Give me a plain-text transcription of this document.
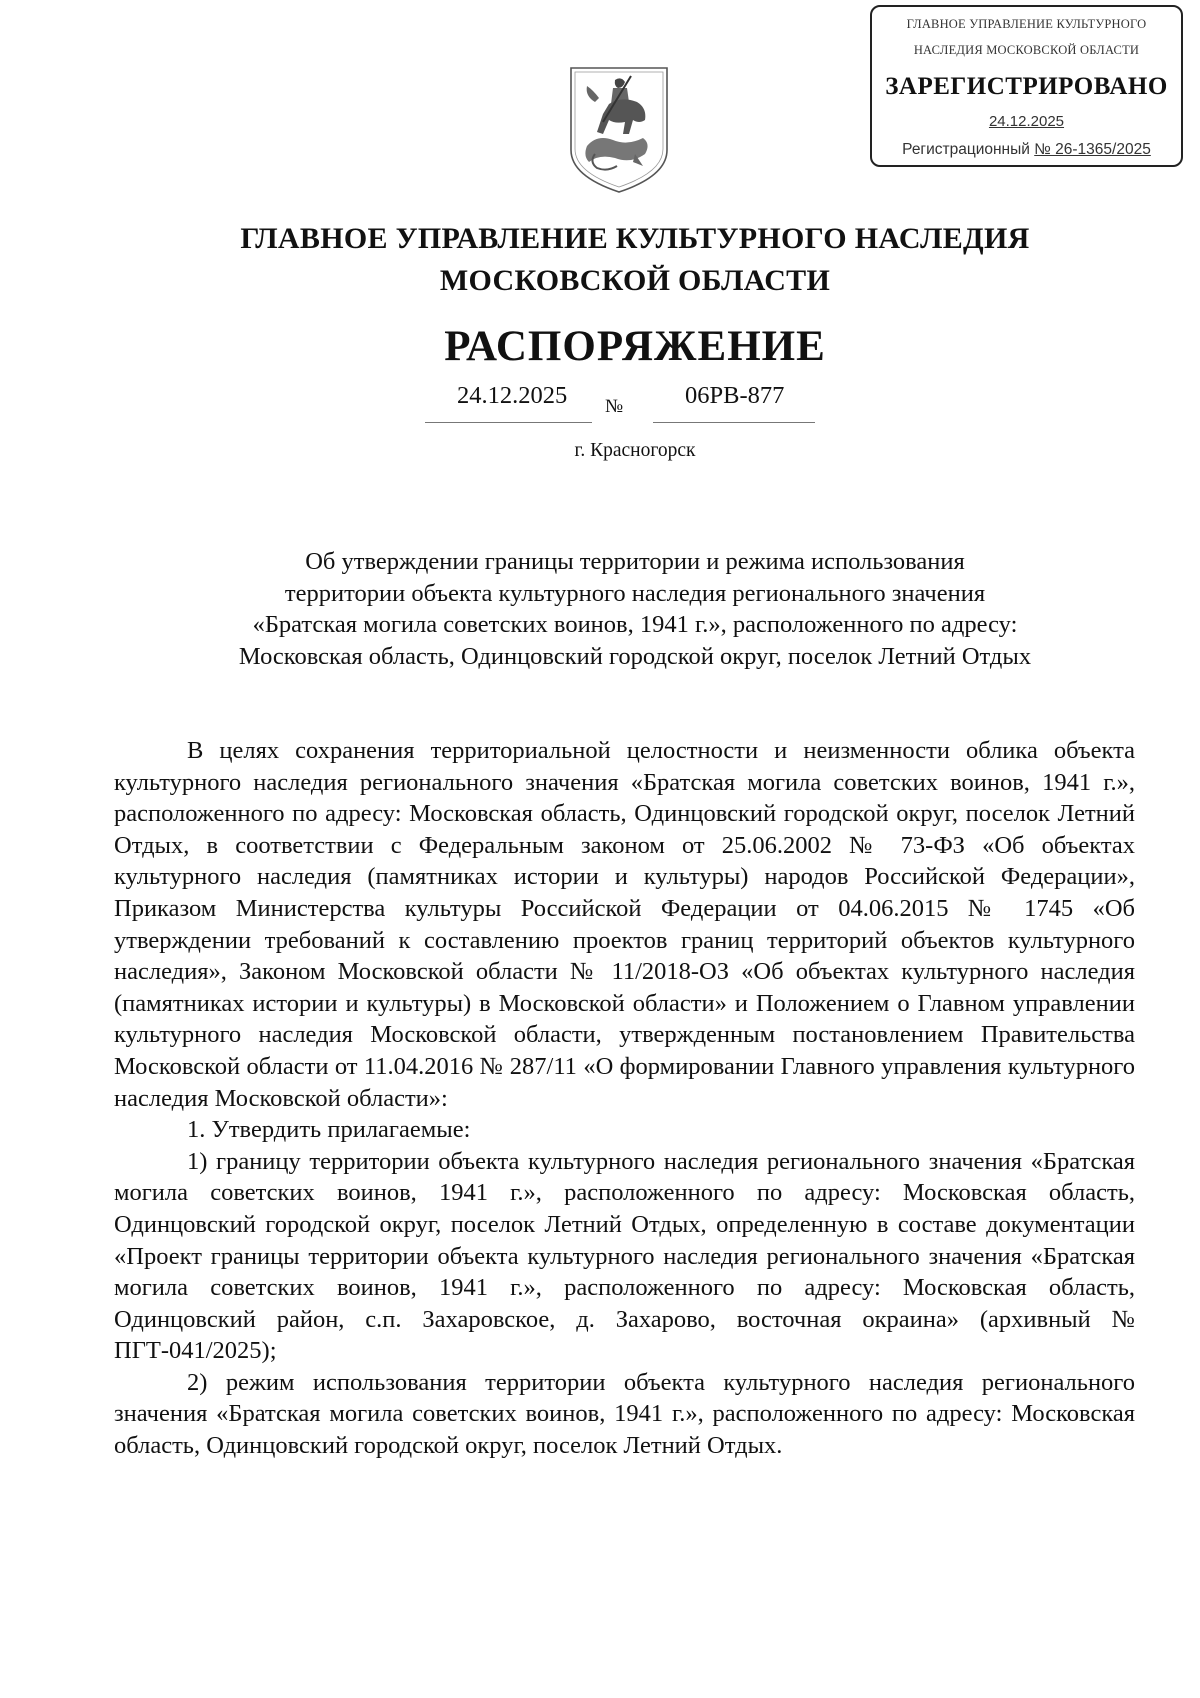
ГЛАВНОЕ УПРАВЛЕНИЕ КУЛЬТУРНОГО
НАСЛЕДИЯ МОСКОВСКОЙ ОБЛАСТИ
ЗАРЕГИСТРИРОВАНО
24.12.2025
Регистрационный № 26-1365/2025
ГЛАВНОЕ УПРАВЛЕНИЕ КУЛЬТУРНОГО НАСЛЕДИЯ
МОСКОВСКОЙ ОБЛАСТИ
РАСПОРЯЖЕНИЕ
24.12.2025 №	06РВ-877
г. Красногорск
Об утверждении границы территории и режима использования
территории объекта культурного наследия регионального значения
«Братская могила советских воинов, 1941 г.», расположенного по адресу:
Московская область, Одинцовский городской округ, поселок Летний Отдых

В целях сохранения территориальной целостности и неизменности облика объекта культурного наследия регионального значения «Братская могила советских воинов, 1941 г.», расположенного по адресу: Московская область, Одинцовский городской округ, поселок Летний Отдых, в соответствии с Федеральным законом от 25.06.2002 № 73-ФЗ «Об объектах культурного наследия (памятниках истории и культуры) народов Российской Федерации», Приказом Министерства культуры Российской Федерации от 04.06.2015 № 1745 «Об утверждении требований к составлению проектов границ территорий объектов культурного наследия», Законом Московской области № 11/2018-ОЗ «Об объектах культурного наследия (памятниках истории и культуры) в Московской области» и Положением о Главном управлении культурного наследия Московской области, утвержденным постановлением Правительства Московской области от 11.04.2016 № 287/11 «О формировании Главного управления культурного наследия Московской области»:

1. Утвердить прилагаемые:

1) границу территории объекта культурного наследия регионального значения «Братская могила советских воинов, 1941 г.», расположенного по адресу: Московская область, Одинцовский городской округ, поселок Летний Отдых, определенную в составе документации «Проект границы территории объекта культурного наследия регионального значения «Братская могила советских воинов, 1941 г.», расположенного по адресу: Московская область, Одинцовский район, с.п. Захаровское, д. Захарово, восточная окраина» (архивный № ПГТ-041/2025);

2) режим использования территории объекта культурного наследия регионального значения «Братская могила советских воинов, 1941 г.», расположенного по адресу: Московская область, Одинцовский городской округ, поселок Летний Отдых.
